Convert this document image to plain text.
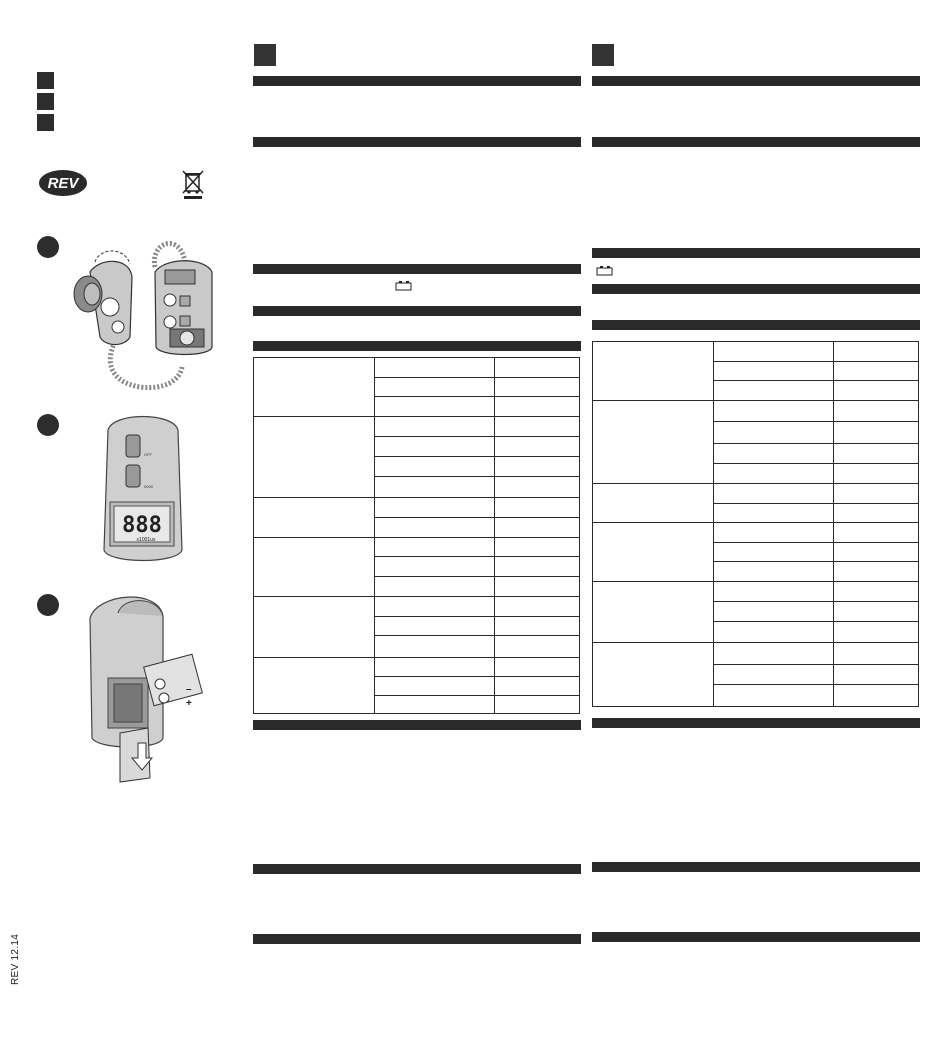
REV
OFF
0000
888
x1001ux
–
+
REV 12.14
